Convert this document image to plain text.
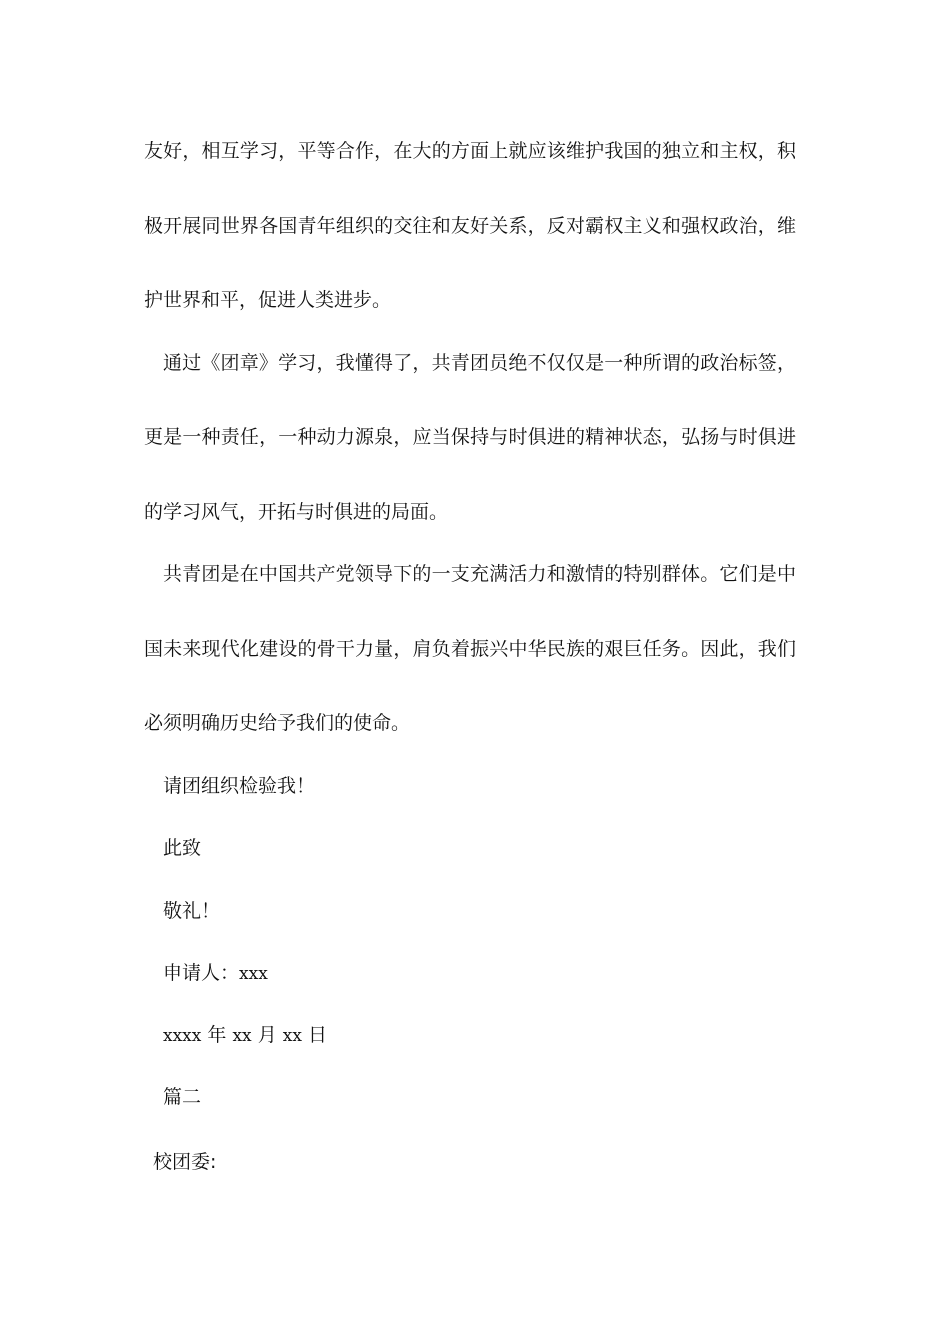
友好，相互学习，平等合作，在大的方面上就应该维护我国的独立和主权，积
极开展同世界各国青年组织的交往和友好关系，反对霸权主义和强权政治，维
护世界和平，促进人类进步。
通过《团章》学习，我懂得了，共青团员绝不仅仅是一种所谓的政治标签，
更是一种责任，一种动力源泉，应当保持与时俱进的精神状态，弘扬与时俱进
的学习风气，开拓与时俱进的局面。
共青团是在中国共产党领导下的一支充满活力和激情的特别群体。它们是中
国未来现代化建设的骨干力量，肩负着振兴中华民族的艰巨任务。因此，我们
必须明确历史给予我们的使命。
请团组织检验我！
此致
敬礼！
申请人：xxx
xxxx 年 xx 月 xx 日
篇二
校团委:
